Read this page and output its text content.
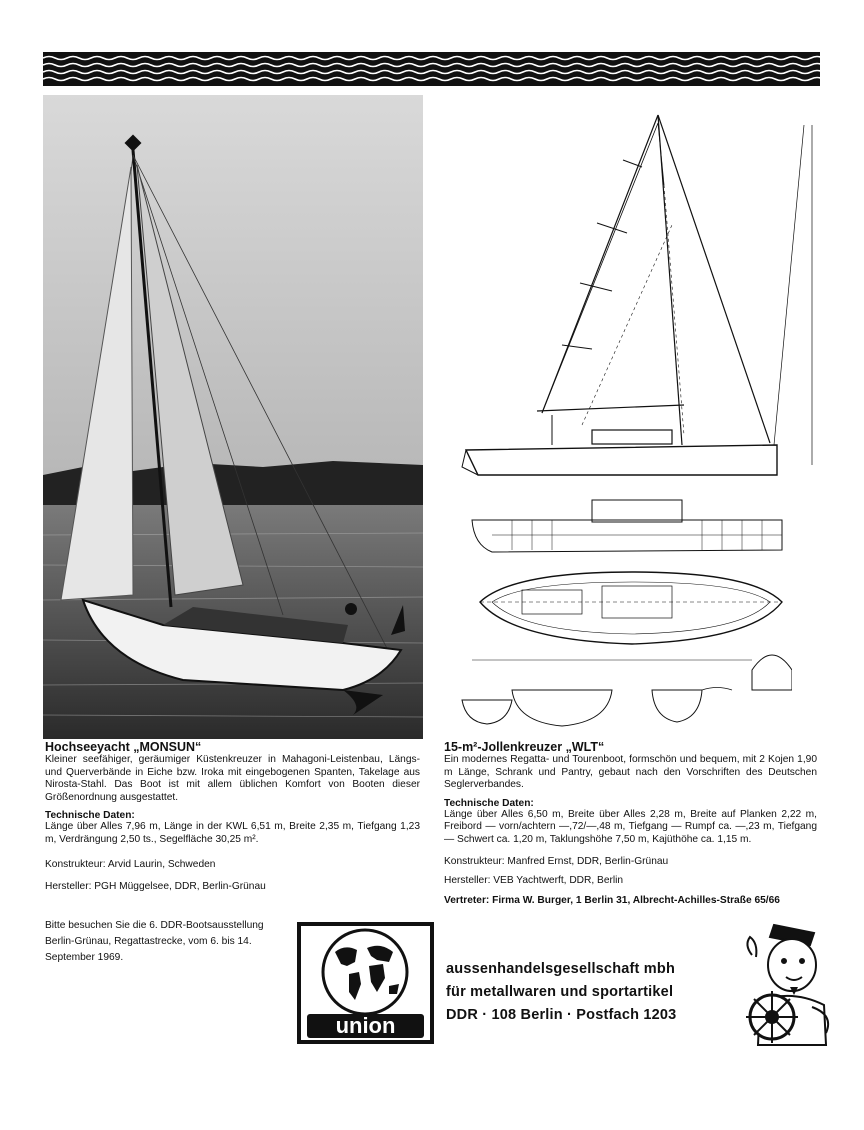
Hochseeyacht „MONSUN“
Kleiner seefähiger, geräumiger Küstenkreuzer in Mahagoni-Leistenbau, Längs- und Querverbände in Eiche bzw. Iroka mit eingebogenen Spanten, Takelage aus Nirosta-Stahl. Das Boot ist mit allem üblichen Komfort von Booten dieser Größenordnung ausgestattet.
Technische Daten:
Länge über Alles 7,96 m, Länge in der KWL 6,51 m, Breite 2,35 m, Tiefgang 1,23 m, Verdrängung 2,50 ts., Segelfläche 30,25 m².
Konstrukteur: Arvid Laurin, Schweden
Hersteller: PGH Müggelsee, DDR, Berlin-Grünau
15-m²-Jollenkreuzer „WLT“
Ein modernes Regatta- und Tourenboot, formschön und bequem, mit 2 Kojen 1,90 m Länge, Schrank und Pantry, gebaut nach den Vorschriften des Deutschen Seglerverbandes.
Technische Daten:
Länge über Alles 6,50 m, Breite über Alles 2,28 m, Breite auf Planken 2,22 m, Freibord — vorn/achtern —,72/—,48 m, Tiefgang — Rumpf ca. —,23 m, Tiefgang — Schwert ca. 1,20 m, Taklungshöhe 7,50 m, Kajüthöhe ca. 1,15 m.
Konstrukteur: Manfred Ernst, DDR, Berlin-Grünau
Hersteller: VEB Yachtwerft, DDR, Berlin
Vertreter: Firma W. Burger, 1 Berlin 31, Albrecht-Achilles-Straße 65/66
Bitte besuchen Sie die 6. DDR-Bootsausstellung Berlin-Grünau, Regattastrecke, vom 6. bis 14. September 1969.
union
aussenhandelsgesellschaft mbh
für metallwaren und sportartikel
DDR · 108 Berlin · Postfach 1203
